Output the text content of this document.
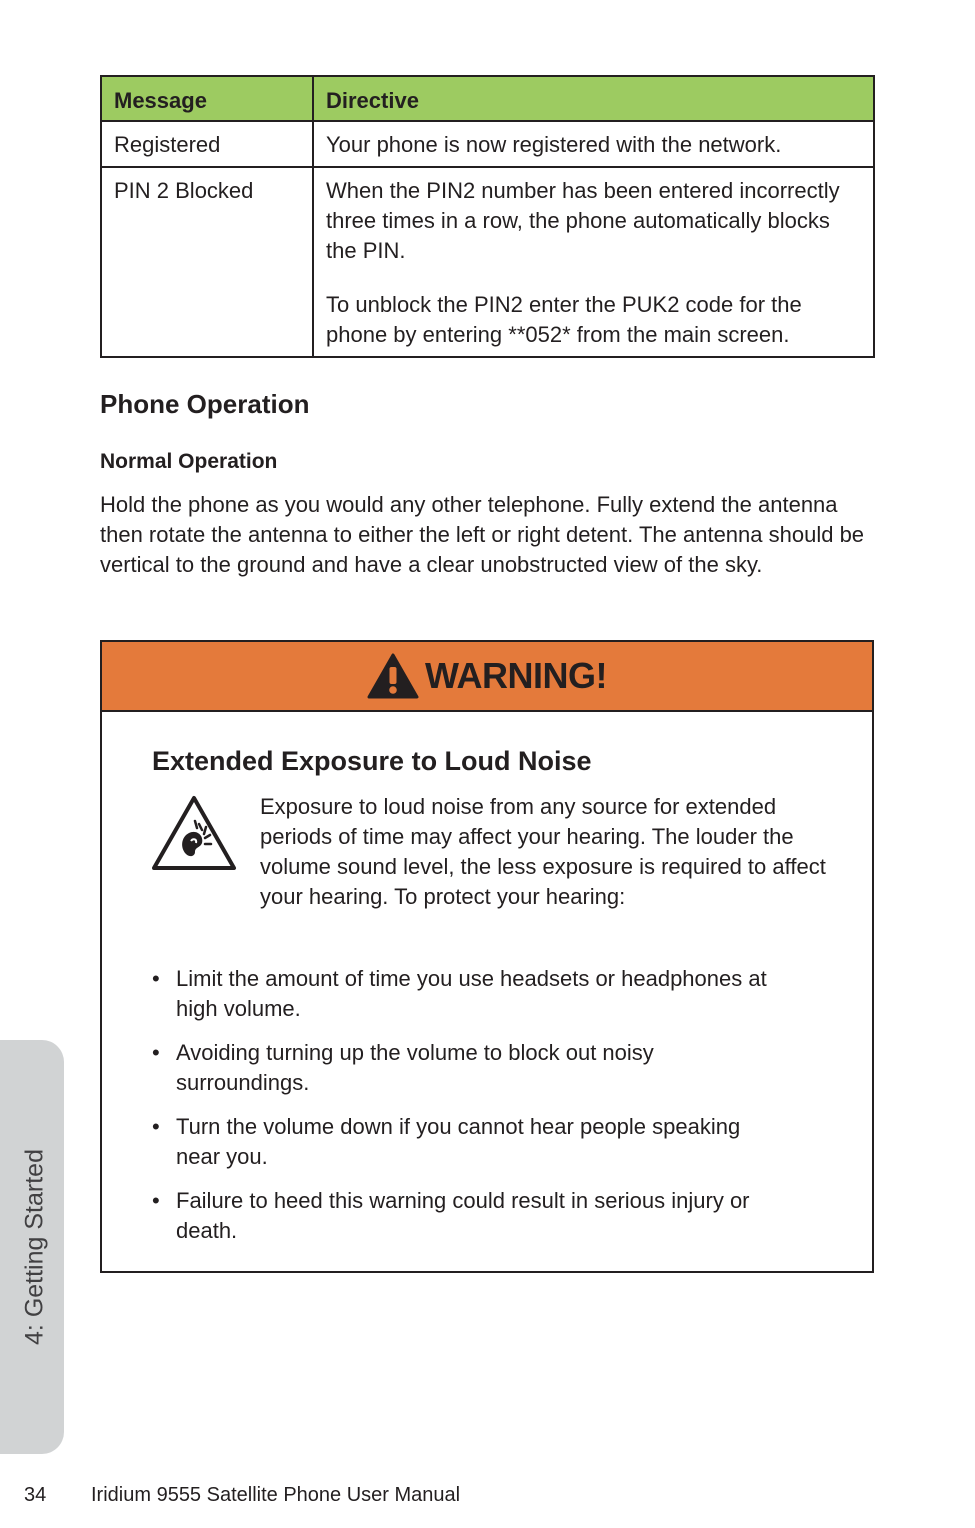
Message	Directive
Registered	Your phone is now registered with the network.

PIN 2 Blocked	When the PIN2 number has been entered incorrectly three times in a row, the phone automatically blocks the PIN.

To unblock the PIN2 enter the PUK2 code for the phone by entering **052* from the main screen.

Phone Operation
Normal Operation
Hold the phone as you would any other telephone. Fully extend the antenna then rotate the antenna to either the left or right detent. The antenna should be vertical to the ground and have a clear unobstructed view of the sky.
WARNING!
Extended Exposure to Loud Noise
Exposure to loud noise from any source for extended periods of time may affect your hearing. The louder the volume sound level, the less exposure is required to affect your hearing. To protect your hearing:
• Limit the amount of time you use headsets or headphones at high volume.
• Avoiding turning up the volume to block out noisy surroundings.
• Turn the volume down if you cannot hear people speaking near you.
• Failure to heed this warning could result in serious injury or death.
4: Getting Started
34 Iridium 9555 Satellite Phone User Manual
